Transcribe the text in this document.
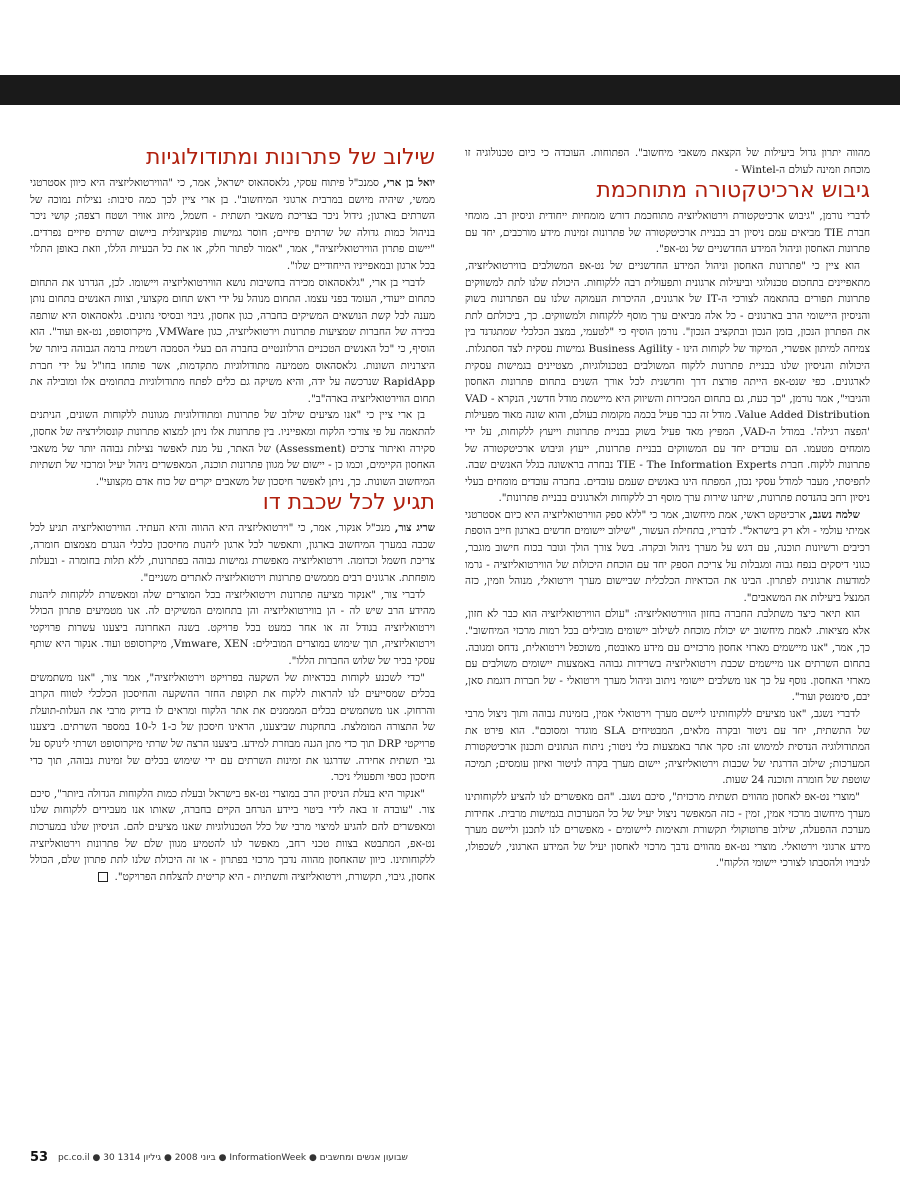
מהווה יתרון גדול ביעילות של הקצאת משאבי מיחשוב". הפתוחות. העובדה כי כיום טכנולוגיה זו מוכחת וזמינה לעולם ה-Wintel -

גיבוש ארכיטקטורה מתוחכמת

לדברי נורמן, "גיבוש ארכיטקטורת וירטואליזציה מתוחכמת דורש מומחיות ייחודית וניסיון רב. מומחי חברת TIE מביאים עמם ניסיון רב בבניית ארכיטקטורה של פתרונות זמינות מידע מורכבים, יחד עם פתרונות האחסון וניהול המידע החדשניים של נט-אפ".

הוא ציין כי "פתרונות האחסון וניהול המידע החדשניים של נט-אפ המשולבים בווירטואליזציה, מתאפיינים בתחכום טכנולוגי וביעילות ארגונית ותפעולית רבה ללקוחות. היכולת שלנו לתת למשווקים פתרונות תפורים בהתאמה לצורכי ה-IT של ארגונים, ההיכרות העמוקה שלנו עם הפתרונות בשוק והניסיון היישומי הרב בארגונים - כל אלה מביאים ערך מוסף ללקוחות ולמשווקים. כך, ביכולתם לתת את הפתרון הנכון, בזמן הנכון ובתקציב הנכון". נורמן הוסיף כי "לטעמי, במצב הכלכלי שמתגדנד בין צמיחה למיתון אפשרי, המיקוד של לקוחות הינו - Business Agility גמישות עסקית לצד הסתגלות. היכולות והניסיון שלנו בבניית פתרונות ללקוח המשולבים בטכנולוגיות, מצטיינים בגמישות עסקית לארגונים. כפי שנט-אפ הייתה פורצת דרך וחדשנית לכל אורך השנים בתחום פתרונות האחסון והגיבוי", אמר נורמן, "כך כעת, גם בתחום המכירות והשיווק היא מיישמת מודל חדשני, הנקרא VAD - Value Added Distribution. מודל זה כבר פעיל בכמה מקומות בעולם, והוא שונה מאוד מפעילות 'הפצה רגילה'. במודל ה-VAD, המפיץ מאד פעיל בשוק בבניית פתרונות וייעוץ ללקוחות, על ידי מומחים מטעמו. הם עובדים יחד עם המשווקים בבניית פתרונות, ייעוץ וגיבוש ארכיטקטורה של פתרונות ללקוח. חברת TIE - The Information Experts נבחרה בראשונה בגלל האנשים שבה. לתפיסתי, מעבר למודל עסקי נכון, המפתח הינו באנשים שעמם עובדים. בחברה עובדים מומחים בעלי ניסיון רחב בהנדסת פתרונות, שיתנו שירות ערך מוסף רב ללקוחות ולארגונים בבניית פתרונות".

שלמה נשגב, ארכיטקט ראשי, אמת מיחשוב, אמר כי "ללא ספק הווירטואליזציה היא כיום אסטרטגי אמיתי עולמי - ולא רק בישראל". לדבריו, בתחילת העשור, "שילוב יישומים חדשים בארגון חייב הוספת רכיבים ורשיונות תוכנה, עם דגש על מערך ניהול ובקרה. בשל צורך הולך וגובר בכוח חישוב מוגבר, כגוני דיסקים בנפח גבוה ומגבלות על צריכת הספק יחד עם הוכחת היכולות של הווירטואליזציה - גרמו למודעות ארגונית לפתרון. הבינו את הכדאיות הכלכלית שביישום מערך וירטואלי, מנוהל וזמין, כזה המנצל ביעילות את המשאבים".

הוא תיאר כיצד משתלבת החברה בחזון הווירטואליזציה: "עולם הווירטואליזציה הוא כבר לא חזון, אלא מציאות. לאמת מיחשוב יש יכולת מוכחת לשילוב יישומים מובילים בכל רמות מרכזי המיחשוב". כך, אמר, "אנו מיישמים מארזי אחסון מרכזיים עם מידע מאובטח, משוכפל וירטואלית, נדחס ומגובה. בתחום השרתים אנו מיישמים שכבת וירטואליזציה בשרידות גבוהה באמצעות יישומים משולבים עם מארזי האחסון. נוסף על כך אנו משלבים יישומי ניתוב וניהול מערך וירטואלי - של חברות דוגמת סאן, יבם, סימנטק ועוד".

לדברי נשגב, "אנו מציעים ללקוחותינו ליישם מערך וירטואלי אמין, בזמינות גבוהה ותוך ניצול מרבי של התשתית, יחד עם ניטור ובקרה מלאים, המבטיחים SLA מוגדר ומסוכם". הוא פירט את המתודולוגיה הנדסית למימוש זה: סקר אתר באמצעות כלי ניטור; ניתוח הנתונים ותכנון ארכיטקטורת המערכות; שילוב הדרגתי של שכבות וירטואליזציה; יישום מערך בקרה לניטור ואיזון עומסים; תמיכה שוטפת של חומרה ותוכנה 24 שעות.

"מוצרי נט-אפ לאחסון מהווים תשתית מרכזית", סיכם נשגב. "הם מאפשרים לנו להציע ללקוחותינו מערך מיחשוב מרכזי אמין, זמין - כזה המאפשר ניצול יעיל של כל המערכות בגמישות מרבית. אחידות מערכת ההפעלה, שילוב פרוטוקולי תקשורת ותאימות ליישומים - מאפשרים לנו לתכנן וליישם מערך מידע ארגוני וירטואלי. מוצרי נט-אפ מהווים נדבך מרכזי לאחסון יעיל של המידע הארגוני, לשכפולו, לגיבויו ולהסבתו לצורכי יישומי הלקוח".

שילוב של פתרונות ומתודולוגיות

יואל בן ארי, סמנכ"ל פיתוח עסקי, גלאסהאוס ישראל, אמר, כי "הווירטואליזציה היא כיוון אסטרטגי ממשי, שיהיה מיושם במרבית ארגוני המיחשוב". בן ארי ציין לכך כמה סיבות: נצילות נמוכה של השרתים בארגון; גידול ניכר בצריכת משאבי תשתית - חשמל, מיזוג אוויר ושטח רצפה; קושי ניכר בניהול כמות גדולה של שרתים פיזיים; חוסר גמישות פונקציונלית ביישום שרתים פיזיים נפרדים. "יישום פתרון הווירטואליזציה", אמר, "אמור לפתור חלק, או את כל הבעיות הללו, וזאת באופן התלוי בכל ארגון ובמאפייניו הייחודיים שלו".

לדברי בן ארי, "גלאסהאוס מכירה בחשיבות נושא הווירטואליזציה ויישומו. לכן, הגדרנו את התחום כתחום ייעודי, העומד בפני עצמו. התחום מנוהל על ידי ראש תחום מקצועי, וצוות האנשים בתחום נותן מענה לכל קשת הנושאים המשיקים בחברה, כגון אחסון, גיבוי ובסיסי נתונים. גלאסהאוס היא שותפה בכירה של החברות שמציעות פתרונות וירטואליזציה, כגון VMWare, מיקרוסופט, נט-אפ ועוד". הוא הוסיף, כי "כל האנשים הטכניים הרלוונטיים בחברה הם בעלי הסמכה רשמית ברמה הגבוהה ביותר של היצרניות השונות. גלאסהאוס מטמיעה מתודולוגיות מתקדמות, אשר פותחו בחו"ל על ידי חברת RapidApp שנרכשה על ידה, והיא משיקה גם כלים לפתח מתודולוגיות בתחומים אלו ומובילה את תחום הווירטואליזציה בארה"ב".

בן ארי ציין כי "אנו מציעים שילוב של פתרונות ומתודולוגיות מגוונות ללקוחות השונים, הניתנים להתאמה על פי צורכי הלקוח ומאפייניו. בין פתרונות אלו ניתן למצוא פתרונות קונסולידציה של אחסון, סקירה ואיתור צרכים (Assessment) של האתר, על מנת לאפשר נצילות גבוהה יותר של משאבי האחסון הקיימים, וכמו כן - יישום של מגוון פתרונות תוכנה, המאפשרים ניהול יעיל ומרכזי של תשתיות המיחשוב השונות. כך, ניתן לאפשר חיסכון של משאבים יקרים של כוח אדם מקצועי".

תגיע לכל שכבת דו

שריג צור, מנכ"ל אנקור, אמר, כי "וירטואליזציה היא ההווה והיא העתיד. הווירטואליזציה תגיע לכל שכבה במערך המיחשוב בארגון, ותאפשר לכל ארגון ליהנות מחיסכון כלכלי הנגרם מצמצום חומרה, צריכת חשמל וכדומה. וירטואליזציה מאפשרת גמישות גבוהה בפתרונות, ללא תלות בחומרה - ובעלות מופחתת. ארגונים רבים מממשים פתרונות וירטואליזציה לאתרים משניים".

לדברי צור, "אנקור מציעה פתרונות וירטואליזציה בכל המוצרים שלה ומאפשרת ללקוחות ליהנות מהידע הרב שיש לה - הן בווירטואליזציה והן בתחומים המשיקים לה. אנו מטמיעים פתרון הכולל וירטואליזציה בגודל זה או אחר כמעט בכל פרויקט. בשנה האחרונה ביצענו עשרות פרויקטי וירטואליזציה, תוך שימוש במוצרים המובילים: Vmware, XEN, מיקרוסופט ועוד. אנקור היא שותף עסקי בכיר של שלוש החברות הללו".

"כדי לשכנע לקוחות בכדאיות של השקעה בפרויקט וירטואליזציה", אמר צור, "אנו משתמשים בכלים שמסייעים לנו להראות ללקוח את תקופת החזר ההשקעה והחיסכון הכלכלי לטווח הקרוב והרחוק. אנו משתמשים בכלים המממנים את אתר הלקוח ומראים לו בדיוק מרבי את העלות-תועלת של התצורה המומלצת. בתחקנות שביצענו, הראינו חיסכון של כ-1 ל-10 במספר השרתים. ביצענו פרויקטי DRP תוך כדי מתן הגנה מבוזרת למידע. ביצענו הרצה של שרתי מיקרוסופט ושרתי לינוקס על גבי תשתית אחידה. שדרגנו את זמינות השרתים עם ידי שימוש בכלים של זמינות גבוהה, תוך כדי חיסכון כספי ותפעולי ניכר.

"אנקור היא בעלת הניסיון הרב במוצרי נט-אפ בישראל ובעלת כמות הלקוחות הגדולה ביותר", סיכם צור. "עובדה זו באה לידי ביטוי ביידע הנרחב הקיים בחברה, שאותו אנו מעבירים ללקוחות שלנו ומאפשרים להם להגיע למיצוי מרבי של כלל הטכנולוגיות שאנו מציעים להם. הניסיון שלנו במערכות נט-אפ, המתבטא בצוות טכני רחב, מאפשר לנו להטמיע מגוון שלם של פתרונות וירטואליזציה ללקוחותינו. כיוון שהאחסון מהווה נדבך מרכזי בפתרון - או זה היכולת שלנו לתת פתרון שלם, הכולל אחסון, גיבוי, תקשורת, וירטואליזציה ותשתיות - היא קריטית להצלחת הפרויקט".

53 pc.co.il ● 30 ביוני 2008 ● גיליון 1314 ● InformationWeek ● שבועון אנשים ומחשבים
